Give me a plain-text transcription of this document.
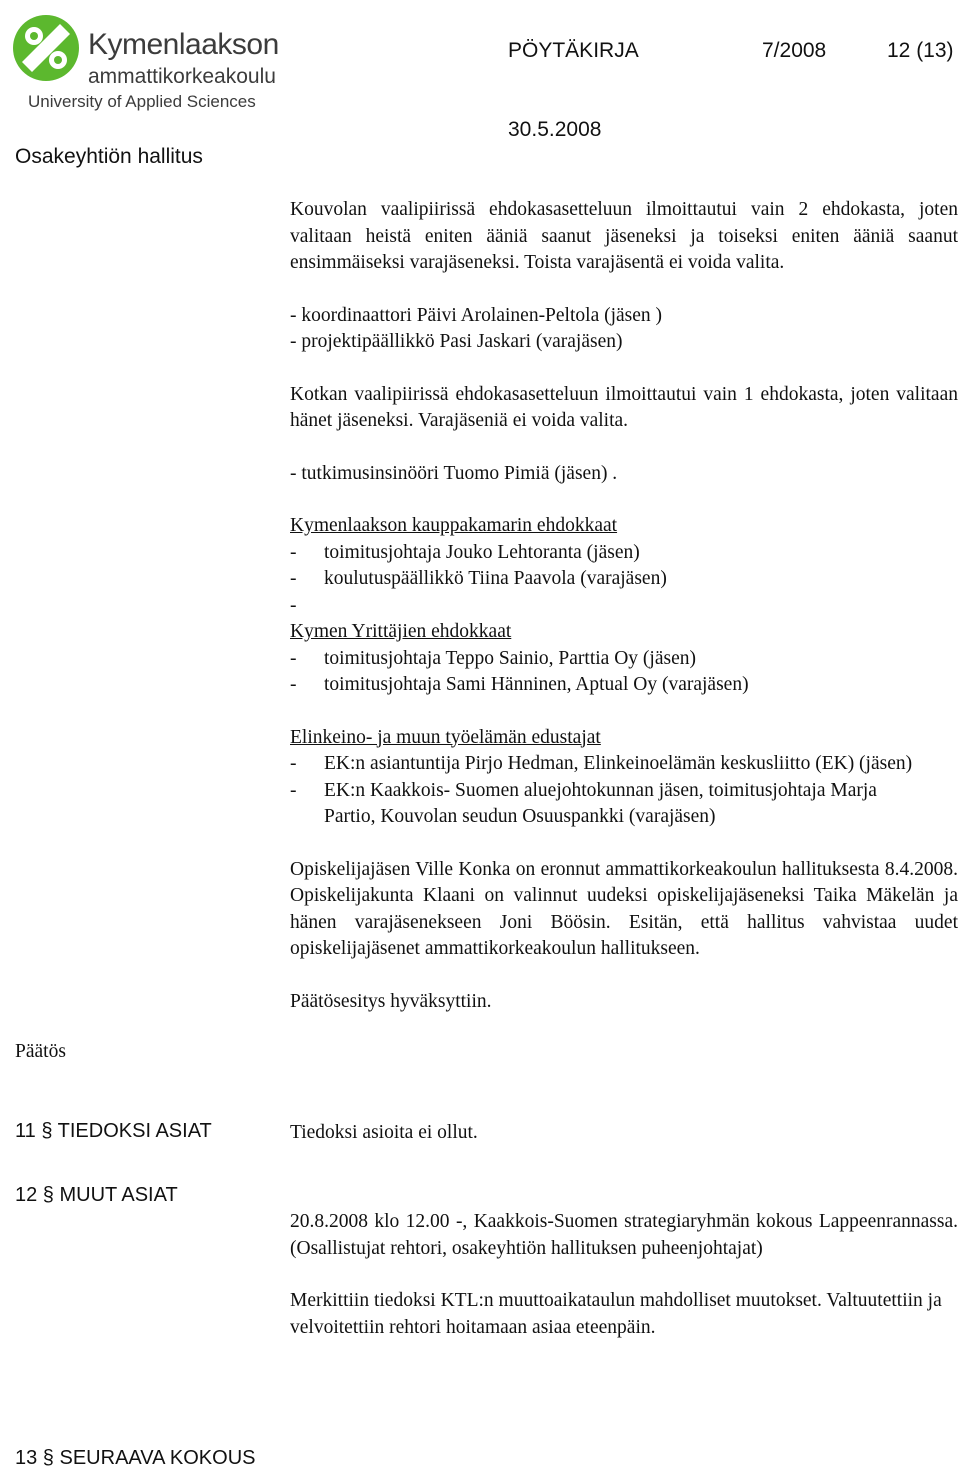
Kymenlaakson
ammattikorkeakoulu
University of Applied Sciences
PÖYTÄKIRJA	7/2008	12 (13)
30.5.2008
Osakeyhtiön hallitus

Kouvolan vaalipiirissä ehdokasasetteluun ilmoittautui vain 2 ehdokasta, joten valitaan heistä eniten ääniä saanut jäseneksi ja toiseksi eniten ääniä saanut ensimmäiseksi varajäseneksi. Toista varajäsentä ei voida valita.

- koordinaattori Päivi Arolainen-Peltola (jäsen )

- projektipäällikkö Pasi Jaskari (varajäsen)

Kotkan vaalipiirissä ehdokasasetteluun ilmoittautui vain 1 ehdokasta, joten valitaan hänet jäseneksi. Varajäseniä ei voida valita.

- tutkimusinsinööri Tuomo Pimiä (jäsen) .

Kymenlaakson kauppakamarin ehdokkaat

- toimitusjohtaja Jouko Lehtoranta (jäsen)
- koulutuspäällikkö Tiina Paavola (varajäsen)

-

Kymen Yrittäjien ehdokkaat

- toimitusjohtaja Teppo Sainio, Parttia Oy (jäsen)
- toimitusjohtaja Sami Hänninen, Aptual Oy (varajäsen)

Elinkeino- ja muun työelämän edustajat

- EK:n asiantuntija Pirjo Hedman, Elinkeinoelämän keskusliitto (EK) (jäsen)
- EK:n Kaakkois- Suomen aluejohtokunnan jäsen, toimitusjohtaja Marja Partio, Kouvolan seudun Osuuspankki (varajäsen)

Opiskelijajäsen Ville Konka on eronnut ammattikorkeakoulun hallituksesta 8.4.2008. Opiskelijakunta Klaani on valinnut uudeksi opiskelijajäseneksi Taika Mäkelän ja hänen varajäsenekseen Joni Böösin. Esitän, että hallitus vahvistaa uudet opiskelijajäsenet ammattikorkeakoulun hallitukseen.

Päätösesitys hyväksyttiin.

Päätös
11 § TIEDOKSI ASIAT	Tiedoksi asioita ei ollut.

12 § MUUT ASIAT

20.8.2008 klo 12.00 -, Kaakkois-Suomen strategiaryhmän kokous Lappeenrannassa. (Osallistujat rehtori, osakeyhtiön hallituksen puheenjohtajat)

Merkittiin tiedoksi KTL:n muuttoaikataulun mahdolliset muutokset. Valtuutettiin ja velvoitettiin rehtori hoitamaan asiaa eteenpäin.

13 § SEURAAVA KOKOUS
